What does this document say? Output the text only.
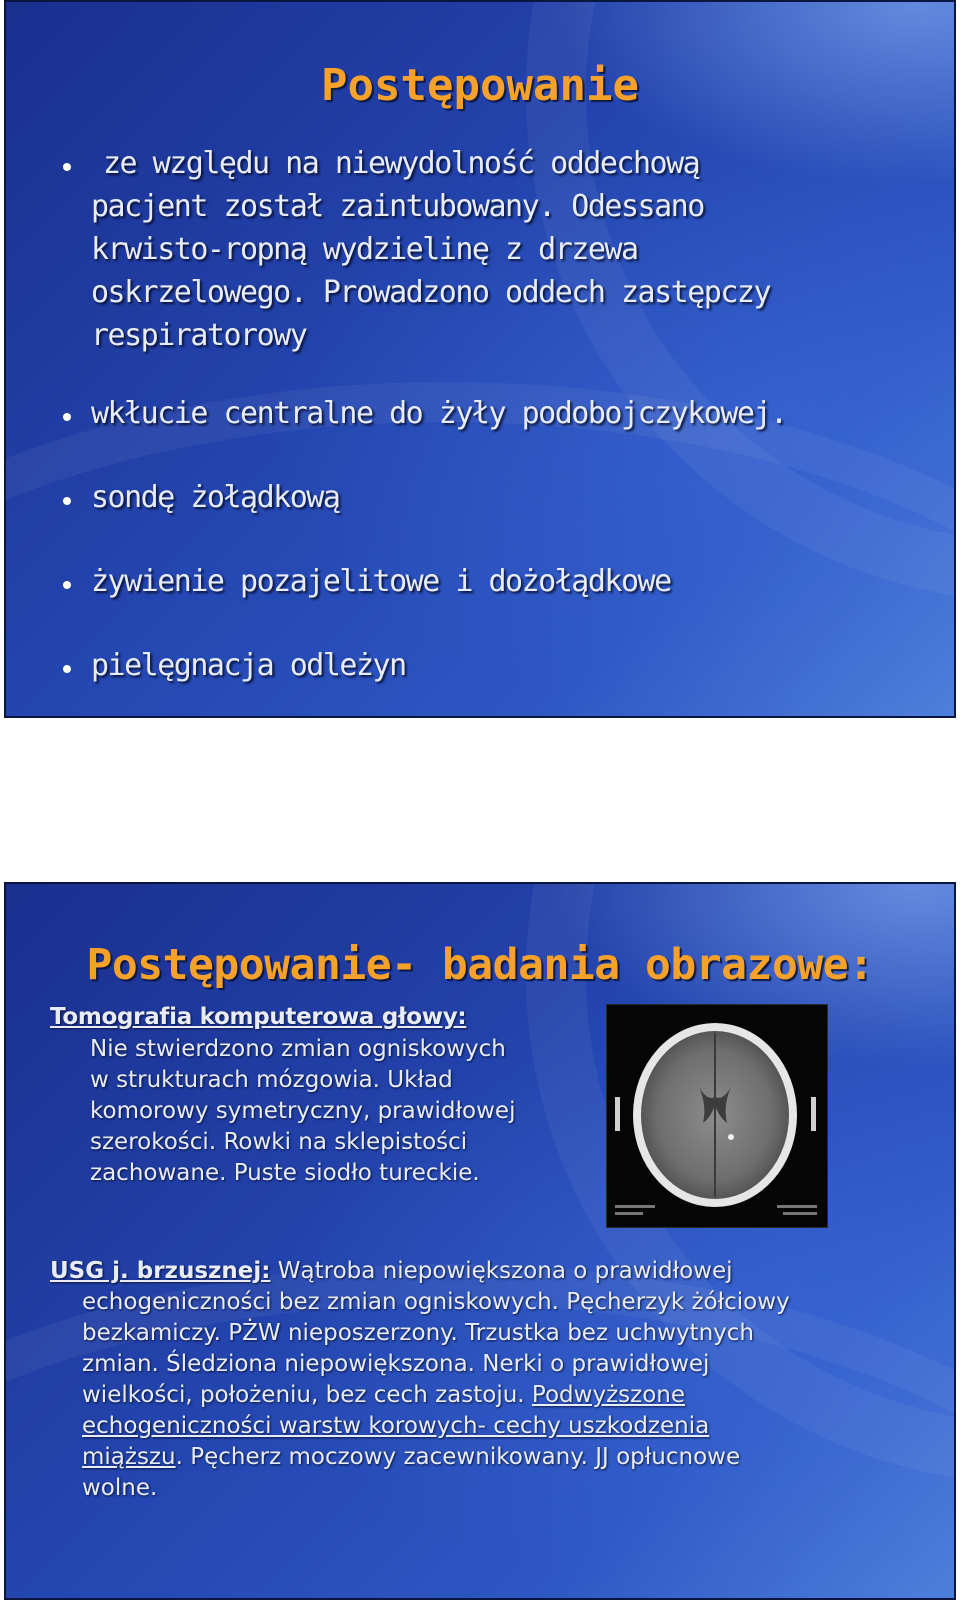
Postępowanie
ze względu na niewydolność oddechową
pacjent został zaintubowany. Odessano
krwisto-ropną wydzielinę z drzewa
oskrzelowego. Prowadzono oddech zastępczy
respiratorowy
wkłucie centralne do żyły podobojczykowej.
sondę żołądkową
żywienie pozajelitowe i dożołądkowe
pielęgnacja odleżyn
Postępowanie- badania obrazowe:
Tomografia komputerowa głowy:
Nie stwierdzono zmian ogniskowych
w strukturach mózgowia. Układ
komorowy symetryczny, prawidłowej
szerokości. Rowki na sklepistości
zachowane. Puste siodło tureckie.
USG j. brzusznej: Wątroba niepowiększona o prawidłowej
echogeniczności bez zmian ogniskowych. Pęcherzyk żółciowy
bezkamiczy. PŻW nieposzerzony. Trzustka bez uchwytnych
zmian. Śledziona niepowiększona. Nerki o prawidłowej
wielkości, położeniu, bez cech zastoju. Podwyższone
echogeniczności warstw korowych- cechy uszkodzenia
miąższu. Pęcherz moczowy zacewnikowany. JJ opłucnowe
wolne.
